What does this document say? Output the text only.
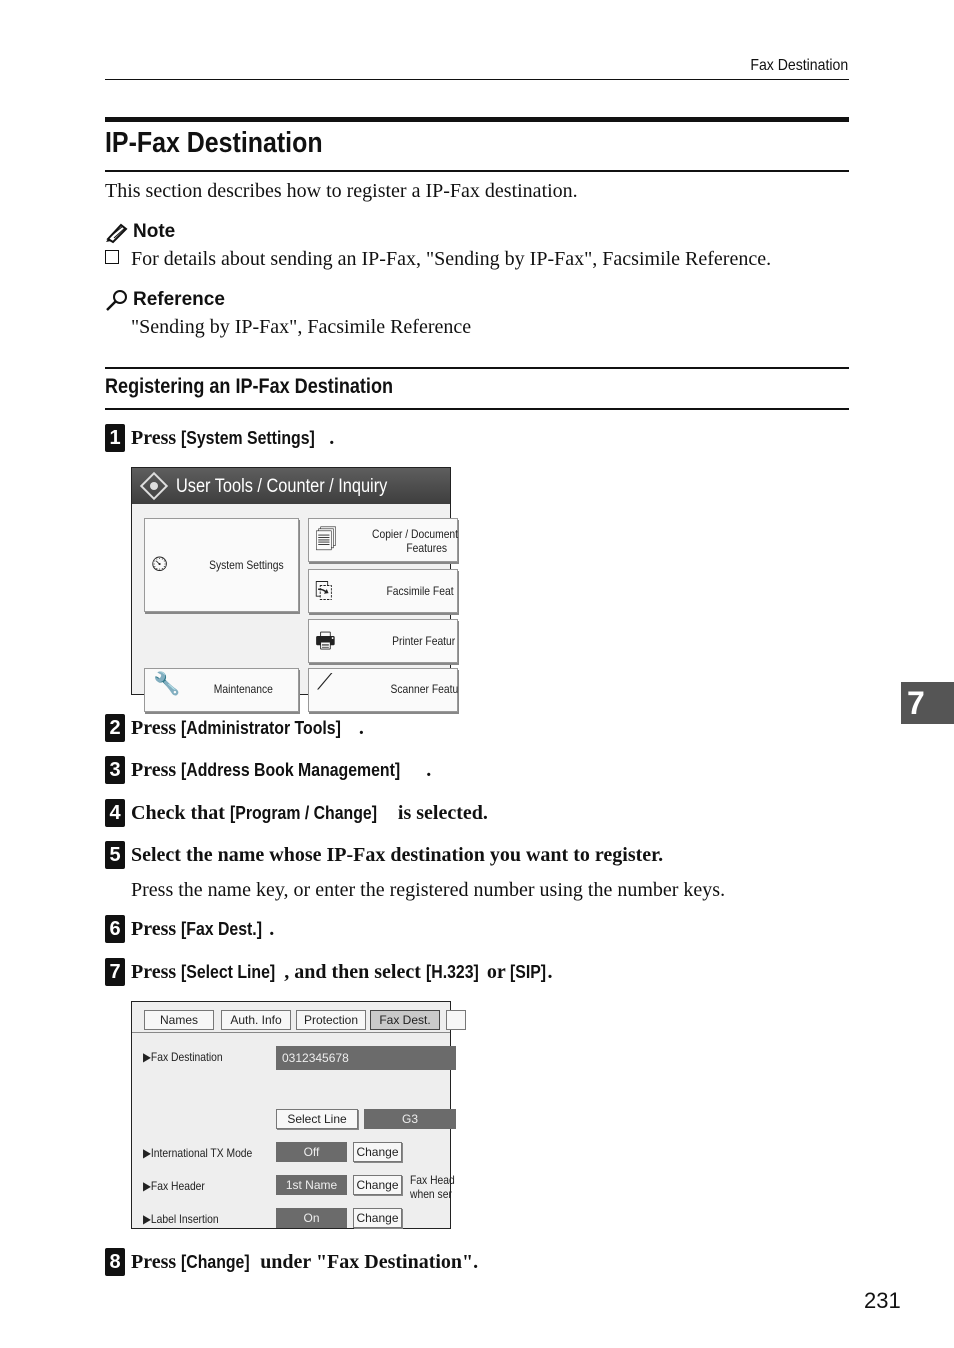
Fax Destination
IP-Fax Destination
This section describes how to register a IP-Fax destination.
Note
For details about sending an IP-Fax, "Sending by IP-Fax", Facsimile Reference.
Reference
"Sending by IP-Fax", Facsimile Reference
Registering an IP-Fax Destination
1 Press [System Settings] .
User Tools / Counter / Inquiry
⏲	System Settings
🗐	Copier / Document
Features
⎘	Facsimile Feat
🖶	Printer Featur
🔧	Maintenance ⟋	Scanner Featu
2 Press [Administrator Tools] .
3 Press [Address Book Management] .
4 Check that [Program / Change] is selected.
5 Select the name whose IP-Fax destination you want to register.
Press the name key, or enter the registered number using the number keys.
6 Press [Fax Dest.] .
7 Press [Select Line] , and then select [H.323] or [SIP].
Names	Auth. Info	Protection	Fax Dest.
▶Fax Destination	0312345678
Select Line	G3
▶International TX Mode	Off	Change
▶Fax Header	1st Name	Change Fax Head
when ser
▶Label Insertion	On	Change
8 Press [Change] under "Fax Destination".
7
231
